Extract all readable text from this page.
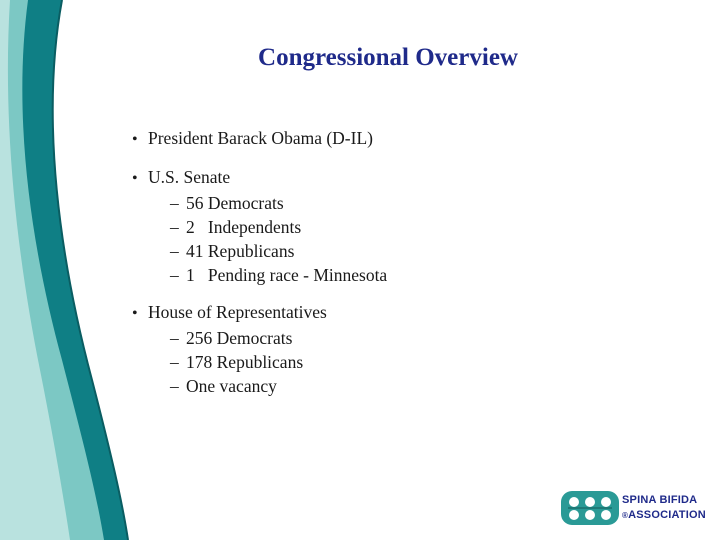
Congressional Overview
• President Barack Obama (D-IL)
• U.S. Senate
– 56 Democrats
– 2   Independents
– 41 Republicans
– 1   Pending race - Minnesota
• House of Representatives
– 256 Democrats
– 178 Republicans
– One vacancy
SPINA BIFIDA
®ASSOCIATION
